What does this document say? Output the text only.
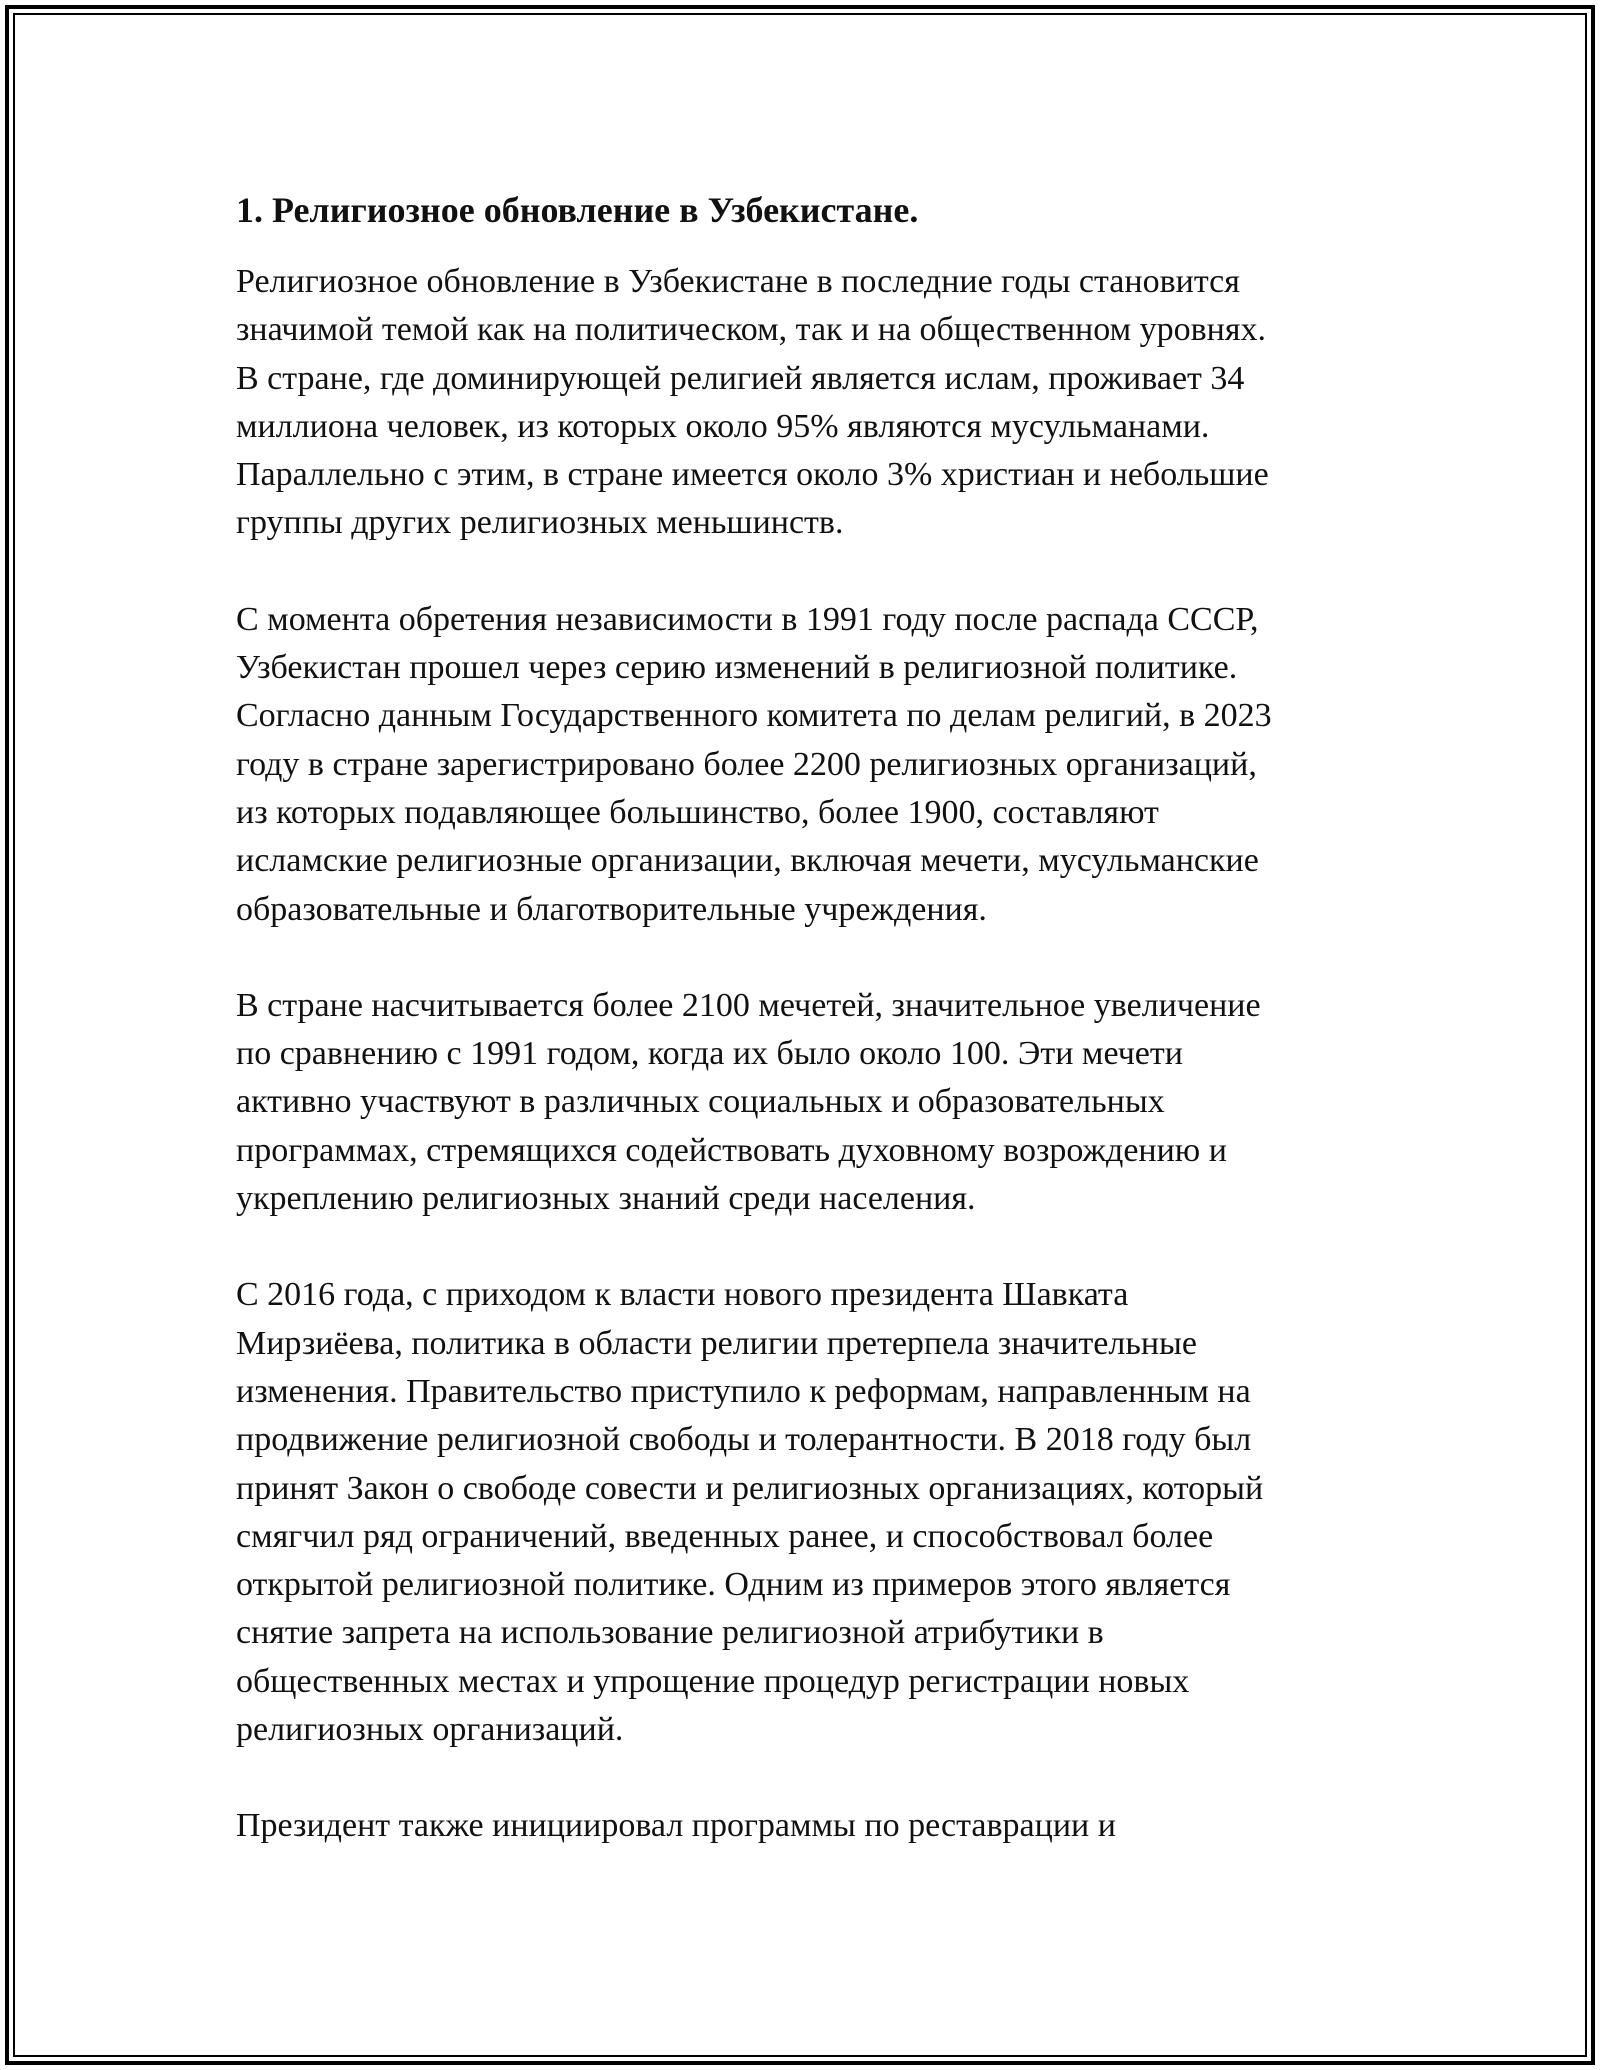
1. Религиозное обновление в Узбекистане.

Религиозное обновление в Узбекистане в последние годы становится
значимой темой как на политическом, так и на общественном уровнях.
В стране, где доминирующей религией является ислам, проживает 34
миллиона человек, из которых около 95% являются мусульманами.
Параллельно с этим, в стране имеется около 3% христиан и небольшие
группы других религиозных меньшинств.

С момента обретения независимости в 1991 году после распада СССР,
Узбекистан прошел через серию изменений в религиозной политике.
Согласно данным Государственного комитета по делам религий, в 2023
году в стране зарегистрировано более 2200 религиозных организаций,
из которых подавляющее большинство, более 1900, составляют
исламские религиозные организации, включая мечети, мусульманские
образовательные и благотворительные учреждения.

В стране насчитывается более 2100 мечетей, значительное увеличение
по сравнению с 1991 годом, когда их было около 100. Эти мечети
активно участвуют в различных социальных и образовательных
программах, стремящихся содействовать духовному возрождению и
укреплению религиозных знаний среди населения.

С 2016 года, с приходом к власти нового президента Шавката
Мирзиёева, политика в области религии претерпела значительные
изменения. Правительство приступило к реформам, направленным на
продвижение религиозной свободы и толерантности. В 2018 году был
принят Закон о свободе совести и религиозных организациях, который
смягчил ряд ограничений, введенных ранее, и способствовал более
открытой религиозной политике. Одним из примеров этого является
снятие запрета на использование религиозной атрибутики в
общественных местах и упрощение процедур регистрации новых
религиозных организаций.

Президент также инициировал программы по реставрации и
